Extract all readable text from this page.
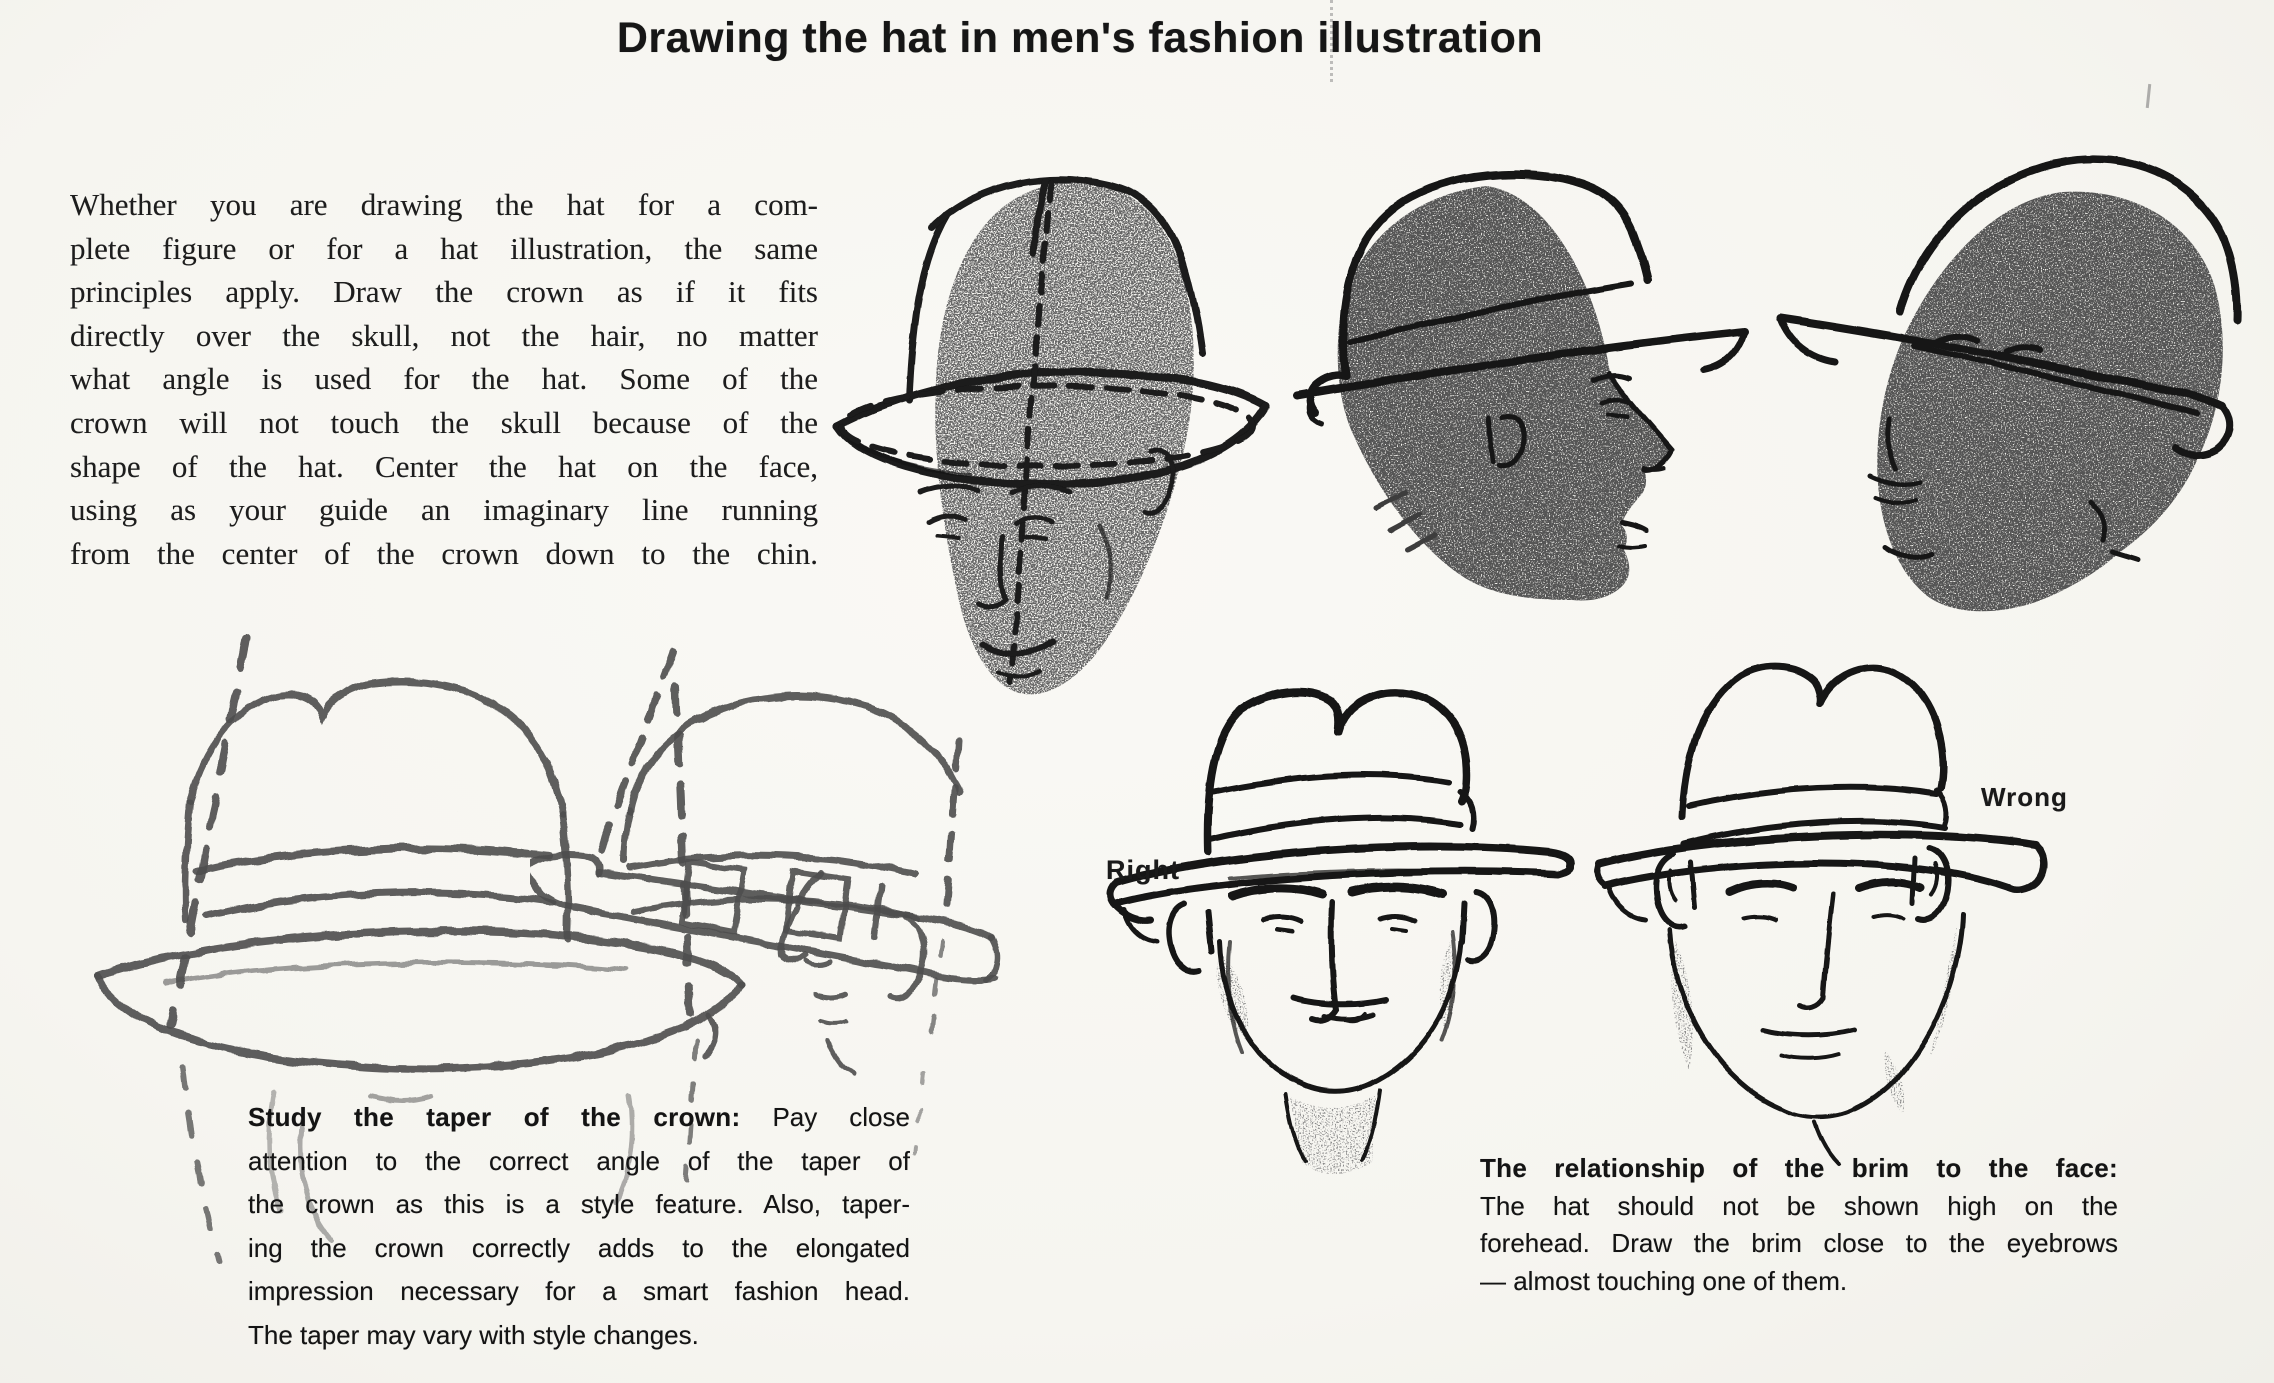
Drawing the hat in men's fashion illustration
Whether you are drawing the hat for a com-
plete figure or for a hat illustration, the same
principles apply. Draw the crown as if it fits
directly over the skull, not the hair, no matter
what angle is used for the hat. Some of the
crown will not touch the skull because of the
shape of the hat. Center the hat on the face,
using as your guide an imaginary line running
from the center of the crown down to the chin.
Right
Wrong
Study the taper of the crown: Pay close
attention to the correct angle of the taper of
the crown as this is a style feature. Also, taper-
ing the crown correctly adds to the elongated
impression necessary for a smart fashion head.
The taper may vary with style changes.
The relationship of the brim to the face:
The hat should not be shown high on the
forehead. Draw the brim close to the eyebrows
— almost touching one of them.
